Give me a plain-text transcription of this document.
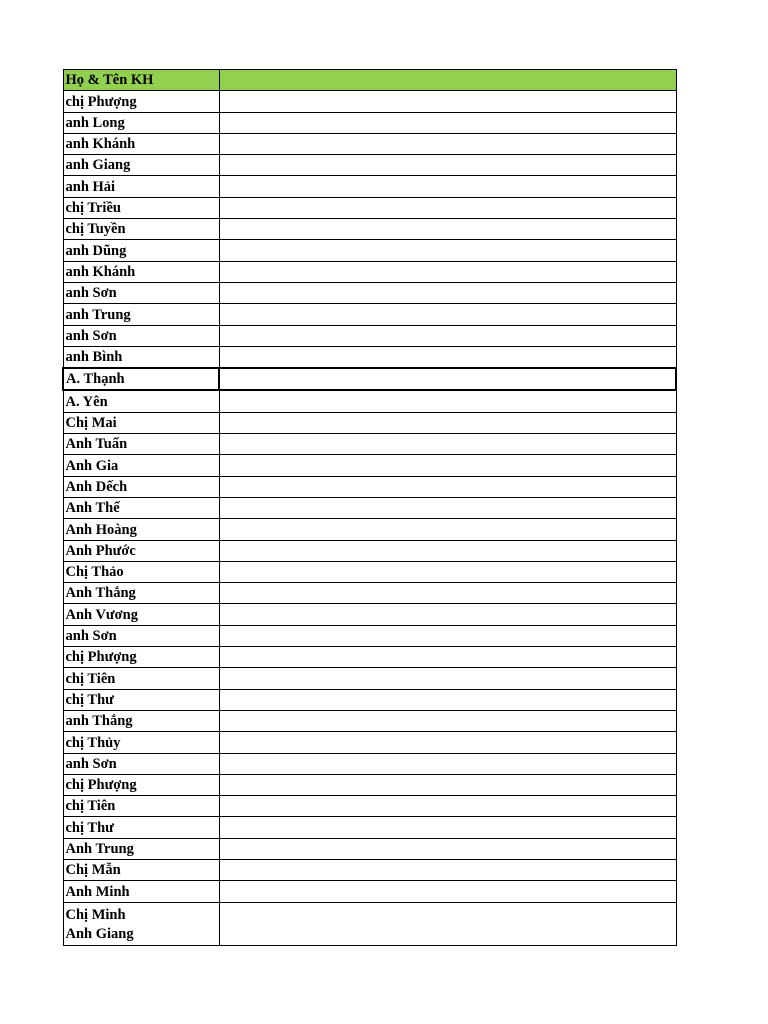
Họ & Tên KH	
chị Phượng	
anh Long	
anh Khánh	
anh Giang	
anh Hải	
chị Triều	
chị Tuyền	
anh Dũng	
anh Khánh	
anh Sơn	
anh Trung	
anh Sơn	
anh Bình	
A. Thạnh	
A. Yên	
Chị Mai	
Anh Tuấn	
Anh Gia	
Anh Dếch	
Anh Thế	
Anh Hoàng	
Anh Phước	
Chị Thảo	
Anh Thắng	
Anh Vương	
anh Sơn	
chị Phượng	
chị Tiên	
chị Thư	
anh Thắng	
chị Thủy	
anh Sơn	
chị Phượng	
chị Tiên	
chị Thư	
Anh Trung	
Chị Mẫn	
Anh Minh	
Chị Minh
Anh Giang	
